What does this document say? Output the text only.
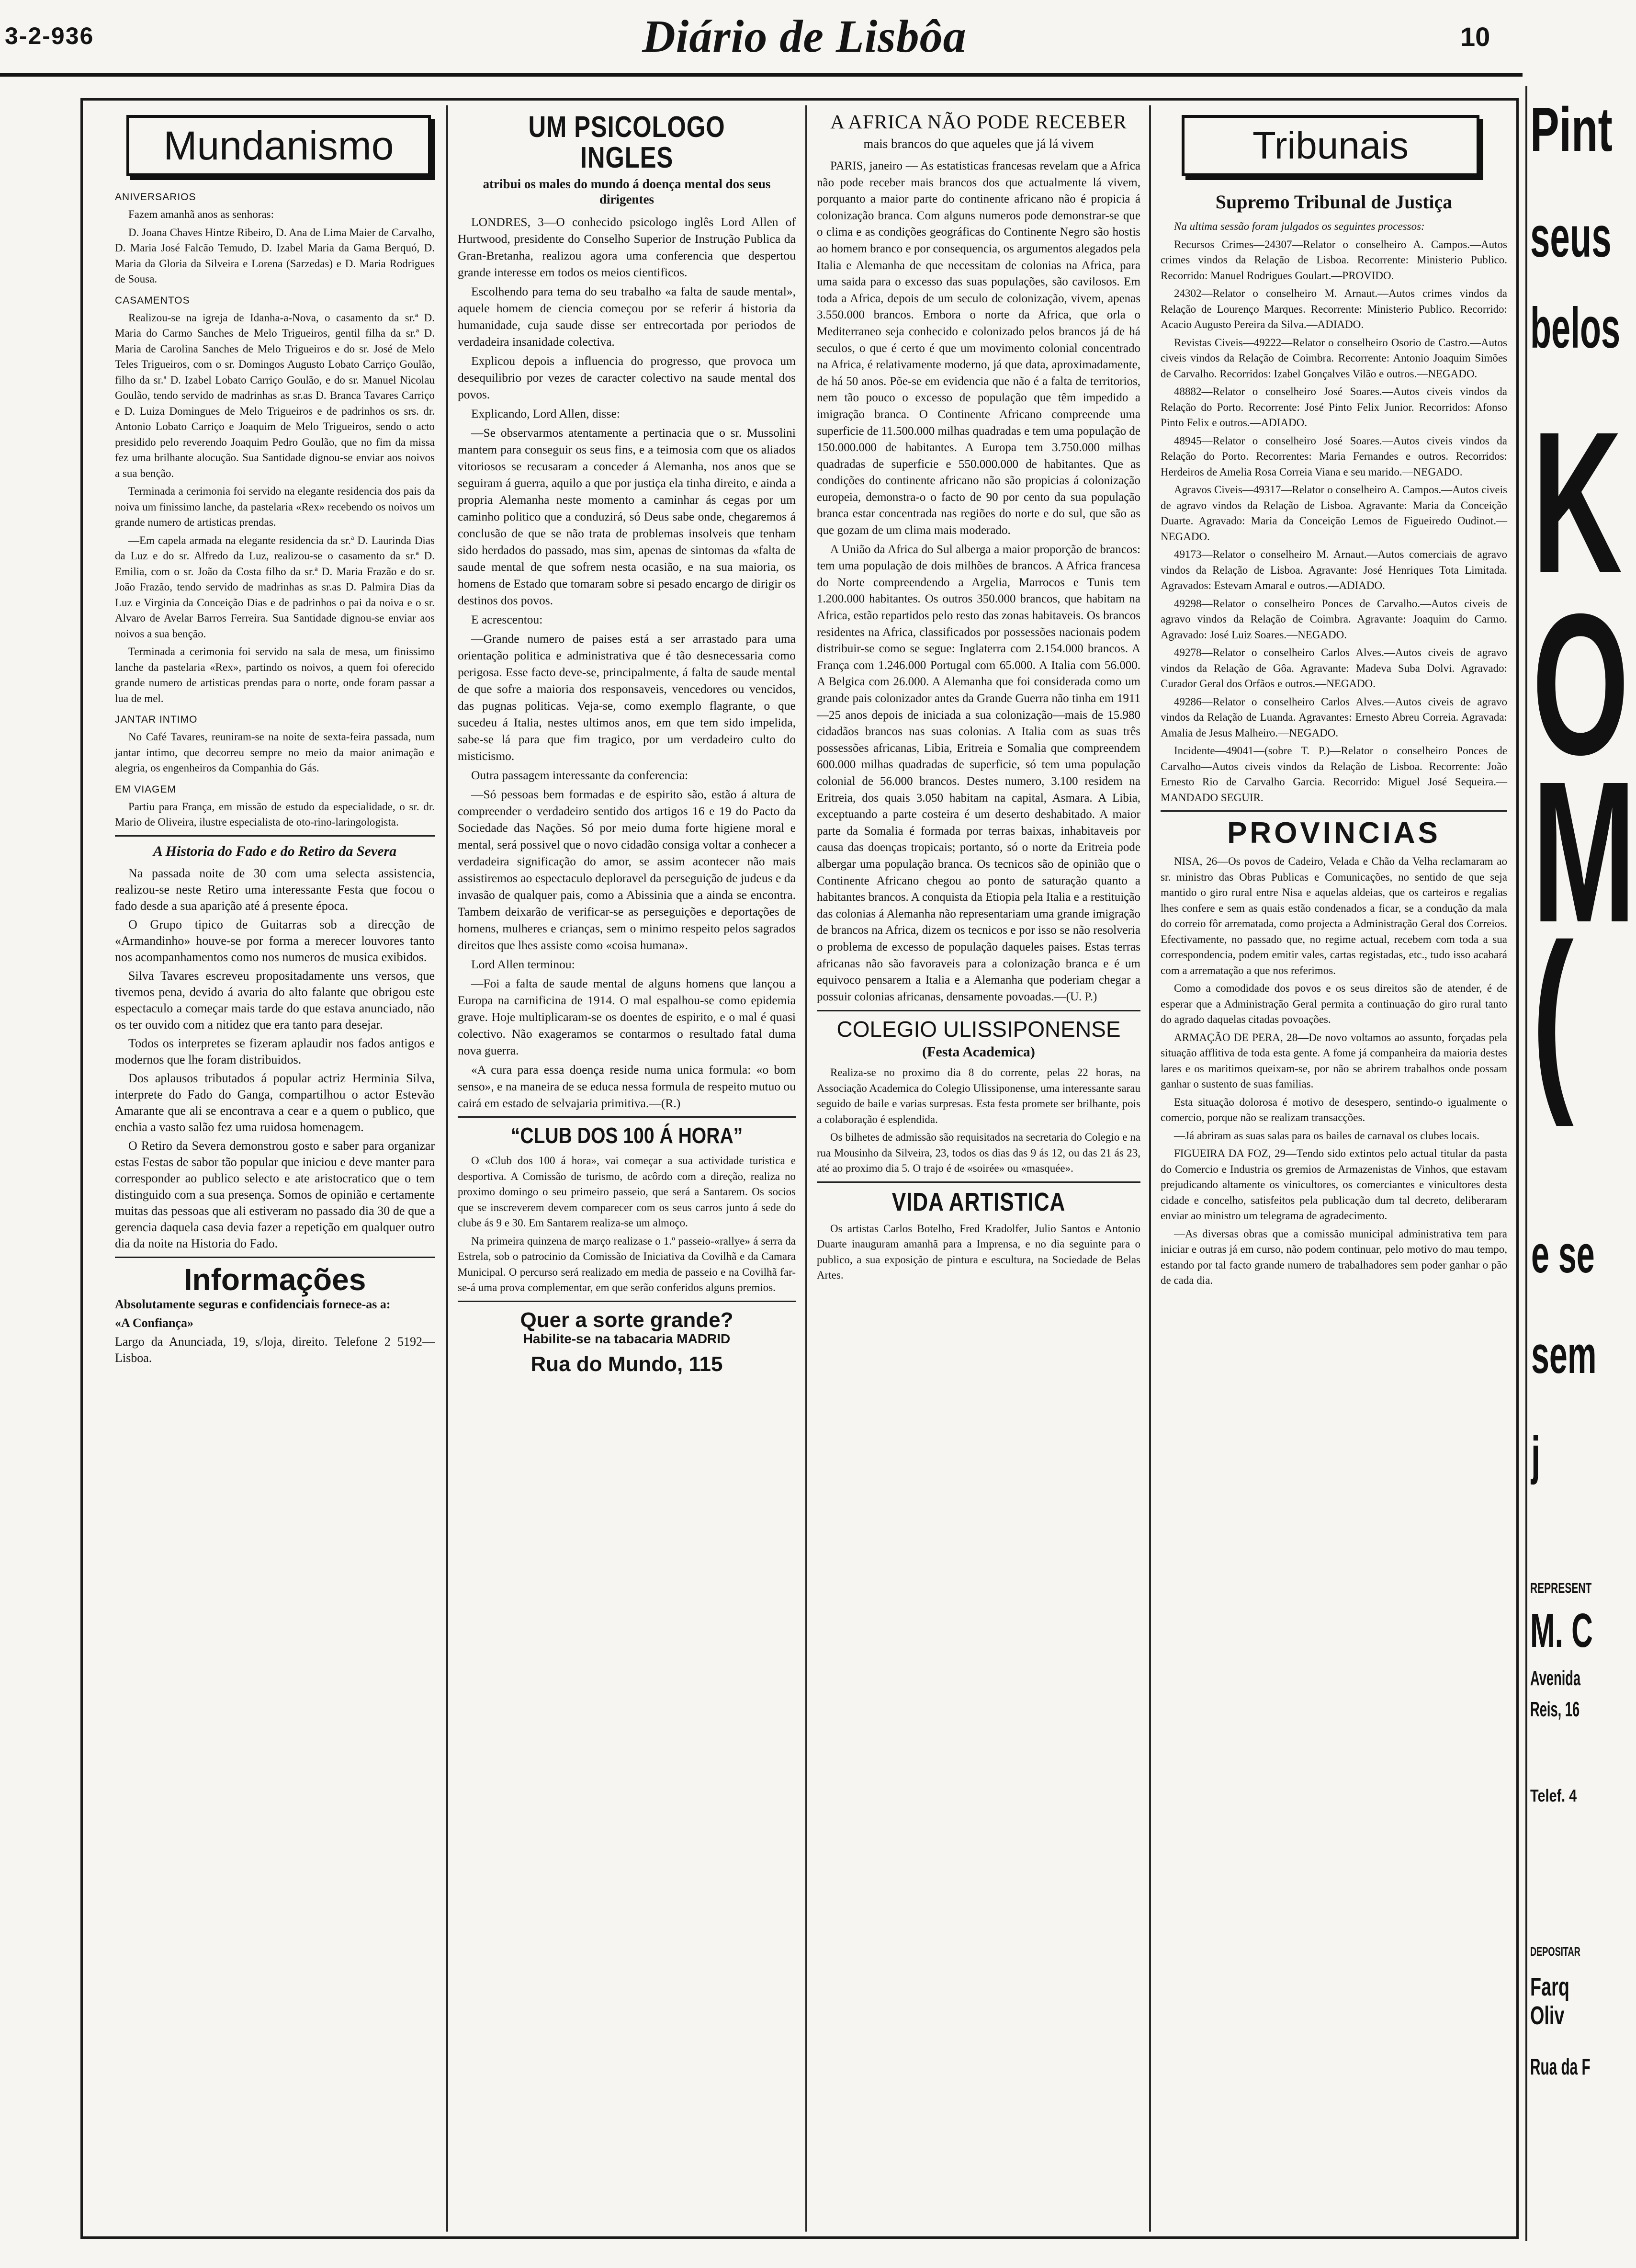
3-2-936	Diário de Lisbôa	10
Mundanismo
ANIVERSARIOS

Fazem amanhã anos as senhoras:

D. Joana Chaves Hintze Ribeiro, D. Ana de Lima Maier de Carvalho, D. Maria José Falcão Temudo, D. Izabel Maria da Gama Berquó, D. Maria da Gloria da Silveira e Lorena (Sarzedas) e D. Maria Rodrigues de Sousa.

CASAMENTOS

Realizou-se na igreja de Idanha-a-Nova, o casamento da sr.ª D. Maria do Carmo Sanches de Melo Trigueiros, gentil filha da sr.ª D. Maria de Carolina Sanches de Melo Trigueiros e do sr. José de Melo Teles Trigueiros, com o sr. Domingos Augusto Lobato Carriço Goulão, filho da sr.ª D. Izabel Lobato Carriço Goulão, e do sr. Manuel Nicolau Goulão, tendo servido de madrinhas as sr.as D. Branca Tavares Carriço e D. Luiza Domingues de Melo Trigueiros e de padrinhos os srs. dr. Antonio Lobato Carriço e Joaquim de Melo Trigueiros, sendo o acto presidido pelo reverendo Joaquim Pedro Goulão, que no fim da missa fez uma brilhante alocução. Sua Santidade dignou-se enviar aos noivos a sua benção.

Terminada a cerimonia foi servido na elegante residencia dos pais da noiva um finissimo lanche, da pastelaria «Rex» recebendo os noivos um grande numero de artisticas prendas.

—Em capela armada na elegante residencia da sr.ª D. Laurinda Dias da Luz e do sr. Alfredo da Luz, realizou-se o casamento da sr.ª D. Emilia, com o sr. João da Costa filho da sr.ª D. Maria Frazão e do sr. João Frazão, tendo servido de madrinhas as sr.as D. Palmira Dias da Luz e Virginia da Conceição Dias e de padrinhos o pai da noiva e o sr. Alvaro de Avelar Barros Ferreira. Sua Santidade dignou-se enviar aos noivos a sua benção.

Terminada a cerimonia foi servido na sala de mesa, um finissimo lanche da pastelaria «Rex», partindo os noivos, a quem foi oferecido grande numero de artisticas prendas para o norte, onde foram passar a lua de mel.

JANTAR INTIMO

No Café Tavares, reuniram-se na noite de sexta-feira passada, num jantar intimo, que decorreu sempre no meio da maior animação e alegria, os engenheiros da Companhia do Gás.

EM VIAGEM

Partiu para França, em missão de estudo da especialidade, o sr. dr. Mario de Oliveira, ilustre especialista de oto-rino-laringologista.

A Historia do Fado e do Retiro da Severa

Na passada noite de 30 com uma selecta assistencia, realizou-se neste Retiro uma interessante Festa que focou o fado desde a sua aparição até á presente época.

O Grupo tipico de Guitarras sob a direcção de «Armandinho» houve-se por forma a merecer louvores tanto nos acompanhamentos como nos numeros de musica exibidos.

Silva Tavares escreveu propositadamente uns versos, que tivemos pena, devido á avaria do alto falante que obrigou este espectaculo a começar mais tarde do que estava anunciado, não os ter ouvido com a nitidez que era tanto para desejar.

Todos os interpretes se fizeram aplaudir nos fados antigos e modernos que lhe foram distribuidos.

Dos aplausos tributados á popular actriz Herminia Silva, interprete do Fado do Ganga, compartilhou o actor Estevão Amarante que ali se encontrava a cear e a quem o publico, que enchia a vasto salão fez uma ruidosa homenagem.

O Retiro da Severa demonstrou gosto e saber para organizar estas Festas de sabor tão popular que iniciou e deve manter para corresponder ao publico selecto e ate aristocratico que o tem distinguido com a sua presença. Somos de opinião e certamente muitas das pessoas que ali estiveram no passado dia 30 de que a gerencia daquela casa devia fazer a repetição em qualquer outro dia da noite na Historia do Fado.

Informações

Absolutamente seguras e confidenciais fornece-as a:

«A Confiança»

Largo da Anunciada, 19, s/loja, direito. Telefone 2 5192—Lisboa.

UM PSICOLOGO INGLES
atribui os males do mundo á doença mental dos seus dirigentes

LONDRES, 3—O conhecido psicologo inglês Lord Allen of Hurtwood, presidente do Conselho Superior de Instrução Publica da Gran-Bretanha, realizou agora uma conferencia que despertou grande interesse em todos os meios cientificos.

Escolhendo para tema do seu trabalho «a falta de saude mental», aquele homem de ciencia começou por se referir á historia da humanidade, cuja saude disse ser entrecortada por periodos de verdadeira insanidade colectiva.

Explicou depois a influencia do progresso, que provoca um desequilibrio por vezes de caracter colectivo na saude mental dos povos.

Explicando, Lord Allen, disse:

—Se observarmos atentamente a pertinacia que o sr. Mussolini mantem para conseguir os seus fins, e a teimosia com que os aliados vitoriosos se recusaram a conceder á Alemanha, nos anos que se seguiram á guerra, aquilo a que por justiça ela tinha direito, e ainda a propria Alemanha neste momento a caminhar ás cegas por um caminho politico que a conduzirá, só Deus sabe onde, chegaremos á conclusão de que se não trata de problemas insolveis que tenham sido herdados do passado, mas sim, apenas de sintomas da «falta de saude mental de que sofrem nesta ocasião, e na sua maioria, os homens de Estado que tomaram sobre si pesado encargo de dirigir os destinos dos povos.

E acrescentou:

—Grande numero de paises está a ser arrastado para uma orientação politica e administrativa que é tão desnecessaria como perigosa. Esse facto deve-se, principalmente, á falta de saude mental de que sofre a maioria dos responsaveis, vencedores ou vencidos, das pugnas politicas. Veja-se, como exemplo flagrante, o que sucedeu á Italia, nestes ultimos anos, em que tem sido impelida, sabe-se lá para que fim tragico, por um verdadeiro culto do misticismo.

Outra passagem interessante da conferencia:

—Só pessoas bem formadas e de espirito são, estão á altura de compreender o verdadeiro sentido dos artigos 16 e 19 do Pacto da Sociedade das Nações. Só por meio duma forte higiene moral e mental, será possivel que o novo cidadão consiga voltar a conhecer a verdadeira significação do amor, se assim acontecer não mais assistiremos ao espectaculo deploravel da perseguição de judeus e da invasão de qualquer pais, como a Abissinia que a ainda se encontra. Tambem deixarão de verificar-se as perseguições e deportações de homens, mulheres e crianças, sem o minimo respeito pelos sagrados direitos que lhes assiste como «coisa humana».

Lord Allen terminou:

—Foi a falta de saude mental de alguns homens que lançou a Europa na carnificina de 1914. O mal espalhou-se como epidemia grave. Hoje multiplicaram-se os doentes de espirito, e o mal é quasi colectivo. Não exageramos se contarmos o resultado fatal duma nova guerra.

«A cura para essa doença reside numa unica formula: «o bom senso», e na maneira de se educa nessa formula de respeito mutuo ou cairá em estado de selvajaria primitiva.—(R.)

“CLUB DOS 100 Á HORA”

O «Club dos 100 á hora», vai começar a sua actividade turistica e desportiva. A Comissão de turismo, de acôrdo com a direção, realiza no proximo domingo o seu primeiro passeio, que será a Santarem. Os socios que se inscreverem devem comparecer com os seus carros junto á sede do clube ás 9 e 30. Em Santarem realiza-se um almoço.

Na primeira quinzena de março realizase o 1.º passeio-«rallye» á serra da Estrela, sob o patrocinio da Comissão de Iniciativa da Covilhã e da Camara Municipal. O percurso será realizado em media de passeio e na Covilhã far-se-á uma prova complementar, em que serão conferidos alguns premios.

Quer a sorte grande?
Habilite-se na tabacaria MADRID
Rua do Mundo, 115
A AFRICA NÃO PODE RECEBER
mais brancos do que aqueles que já lá vivem

PARIS, janeiro — As estatisticas francesas revelam que a Africa não pode receber mais brancos dos que actualmente lá vivem, porquanto a maior parte do continente africano não é propicia á colonização branca. Com alguns numeros pode demonstrar-se que o clima e as condições geográficas do Continente Negro são hostis ao homem branco e por consequencia, os argumentos alegados pela Italia e Alemanha de que necessitam de colonias na Africa, para uma saida para o excesso das suas populações, são cavilosos. Em toda a Africa, depois de um seculo de colonização, vivem, apenas 3.550.000 brancos. Embora o norte da Africa, que orla o Mediterraneo seja conhecido e colonizado pelos brancos já de há seculos, o que é certo é que um movimento colonial concentrado na Africa, é relativamente moderno, já que data, aproximadamente, de há 50 anos. Põe-se em evidencia que não é a falta de territorios, nem tão pouco o excesso de população que têm impedido a imigração branca. O Continente Africano compreende uma superficie de 11.500.000 milhas quadradas e tem uma população de 150.000.000 de habitantes. A Europa tem 3.750.000 milhas quadradas de superficie e 550.000.000 de habitantes. Que as condições do continente africano não são propicias á colonização europeia, demonstra-o o facto de 90 por cento da sua população branca estar concentrada nas regiões do norte e do sul, que são as que gozam de um clima mais moderado.

A União da Africa do Sul alberga a maior proporção de brancos: tem uma população de dois milhões de brancos. A Africa francesa do Norte compreendendo a Argelia, Marrocos e Tunis tem 1.200.000 habitantes. Os outros 350.000 brancos, que habitam na Africa, estão repartidos pelo resto das zonas habitaveis. Os brancos residentes na Africa, classificados por possessões nacionais podem distribuir-se como se segue: Inglaterra com 2.154.000 brancos. A França com 1.246.000 Portugal com 65.000. A Italia com 56.000. A Belgica com 26.000. A Alemanha que foi considerada como um grande pais colonizador antes da Grande Guerra não tinha em 1911—25 anos depois de iniciada a sua colonização—mais de 15.980 cidadãos brancos nas suas colonias. A Italia com as suas três possessões africanas, Libia, Eritreia e Somalia que compreendem 600.000 milhas quadradas de superficie, só tem uma população colonial de 56.000 brancos. Destes numero, 3.100 residem na Eritreia, dos quais 3.050 habitam na capital, Asmara. A Libia, exceptuando a parte costeira é um deserto deshabitado. A maior parte da Somalia é formada por terras baixas, inhabitaveis por causa das doenças tropicais; portanto, só o norte da Eritreia pode albergar uma população branca. Os tecnicos são de opinião que o Continente Africano chegou ao ponto de saturação quanto a habitantes brancos. A conquista da Etiopia pela Italia e a restituição das colonias á Alemanha não representariam uma grande imigração de brancos na Africa, dizem os tecnicos e por isso se não resolveria o problema de excesso de população daqueles paises. Estas terras africanas não são favoraveis para a colonização branca e é um equivoco pensarem a Italia e a Alemanha que poderiam chegar a possuir colonias africanas, densamente povoadas.—(U. P.)

COLEGIO ULISSIPONENSE
(Festa Academica)

Realiza-se no proximo dia 8 do corrente, pelas 22 horas, na Associação Academica do Colegio Ulissiponense, uma interessante sarau seguido de baile e varias surpresas. Esta festa promete ser brilhante, pois a colaboração é esplendida.

Os bilhetes de admissão são requisitados na secretaria do Colegio e na rua Mousinho da Silveira, 23, todos os dias das 9 ás 12, ou das 21 ás 23, até ao proximo dia 5. O trajo é de «soirée» ou «masquée».

VIDA ARTISTICA

Os artistas Carlos Botelho, Fred Kradolfer, Julio Santos e Antonio Duarte inauguram amanhã para a Imprensa, e no dia seguinte para o publico, a sua exposição de pintura e escultura, na Sociedade de Belas Artes.

Tribunais
Supremo Tribunal de Justiça

Na ultima sessão foram julgados os seguintes processos:

Recursos Crimes—24307—Relator o conselheiro A. Campos.—Autos crimes vindos da Relação de Lisboa. Recorrente: Ministerio Publico. Recorrido: Manuel Rodrigues Goulart.—PROVIDO.

24302—Relator o conselheiro M. Arnaut.—Autos crimes vindos da Relação de Lourenço Marques. Recorrente: Ministerio Publico. Recorrido: Acacio Augusto Pereira da Silva.—ADIADO.

Revistas Civeis—49222—Relator o conselheiro Osorio de Castro.—Autos civeis vindos da Relação de Coimbra. Recorrente: Antonio Joaquim Simões de Carvalho. Recorridos: Izabel Gonçalves Vilão e outros.—NEGADO.

48882—Relator o conselheiro José Soares.—Autos civeis vindos da Relação do Porto. Recorrente: José Pinto Felix Junior. Recorridos: Afonso Pinto Felix e outros.—ADIADO.

48945—Relator o conselheiro José Soares.—Autos civeis vindos da Relação do Porto. Recorrentes: Maria Fernandes e outros. Recorridos: Herdeiros de Amelia Rosa Correia Viana e seu marido.—NEGADO.

Agravos Civeis—49317—Relator o conselheiro A. Campos.—Autos civeis de agravo vindos da Relação de Lisboa. Agravante: Maria da Conceição Duarte. Agravado: Maria da Conceição Lemos de Figueiredo Oudinot.—NEGADO.

49173—Relator o conselheiro M. Arnaut.—Autos comerciais de agravo vindos da Relação de Lisboa. Agravante: José Henriques Tota Limitada. Agravados: Estevam Amaral e outros.—ADIADO.

49298—Relator o conselheiro Ponces de Carvalho.—Autos civeis de agravo vindos da Relação de Coimbra. Agravante: Joaquim do Carmo. Agravado: José Luiz Soares.—NEGADO.

49278—Relator o conselheiro Carlos Alves.—Autos civeis de agravo vindos da Relação de Gôa. Agravante: Madeva Suba Dolvi. Agravado: Curador Geral dos Orfãos e outros.—NEGADO.

49286—Relator o conselheiro Carlos Alves.—Autos civeis de agravo vindos da Relação de Luanda. Agravantes: Ernesto Abreu Correia. Agravada: Amalia de Jesus Malheiro.—NEGADO.

Incidente—49041—(sobre T. P.)—Relator o conselheiro Ponces de Carvalho—Autos civeis vindos da Relação de Lisboa. Recorrente: João Ernesto Rio de Carvalho Garcia. Recorrido: Miguel José Sequeira.—MANDADO SEGUIR.

PROVINCIAS

NISA, 26—Os povos de Cadeiro, Velada e Chão da Velha reclamaram ao sr. ministro das Obras Publicas e Comunicações, no sentido de que seja mantido o giro rural entre Nisa e aquelas aldeias, que os carteiros e regalias lhes confere e sem as quais estão condenados a ficar, se a condução da mala do correio fôr arrematada, como projecta a Administração Geral dos Correios. Efectivamente, no passado que, no regime actual, recebem com toda a sua correspondencia, podem emitir vales, cartas registadas, etc., tudo isso acabará com a arrematação a que nos referimos.

Como a comodidade dos povos e os seus direitos são de atender, é de esperar que a Administração Geral permita a continuação do giro rural tanto do agrado daquelas citadas povoações.

ARMAÇÃO DE PERA, 28—De novo voltamos ao assunto, forçadas pela situação afflitiva de toda esta gente. A fome já companheira da maioria destes lares e os maritimos queixam-se, por não se abrirem trabalhos onde possam ganhar o sustento de suas familias.

Esta situação dolorosa é motivo de desespero, sentindo-o igualmente o comercio, porque não se realizam transacções.

—Já abriram as suas salas para os bailes de carnaval os clubes locais.

FIGUEIRA DA FOZ, 29—Tendo sido extintos pelo actual titular da pasta do Comercio e Industria os gremios de Armazenistas de Vinhos, que estavam prejudicando altamente os vinicultores, os comerciantes e vinicultores desta cidade e concelho, satisfeitos pela publicação dum tal decreto, deliberaram enviar ao ministro um telegrama de agradecimento.

—As diversas obras que a comissão municipal administrativa tem para iniciar e outras já em curso, não podem continuar, pelo motivo do mau tempo, estando por tal facto grande numero de trabalhadores sem poder ganhar o pão de cada dia.

Pint
seus
belos
K
O
M
(
e se
sem
j
REPRESENT
M. C
Avenida
Reis, 16
Telef. 4
DEPOSITAR
Farq
Oliv
Rua da F
